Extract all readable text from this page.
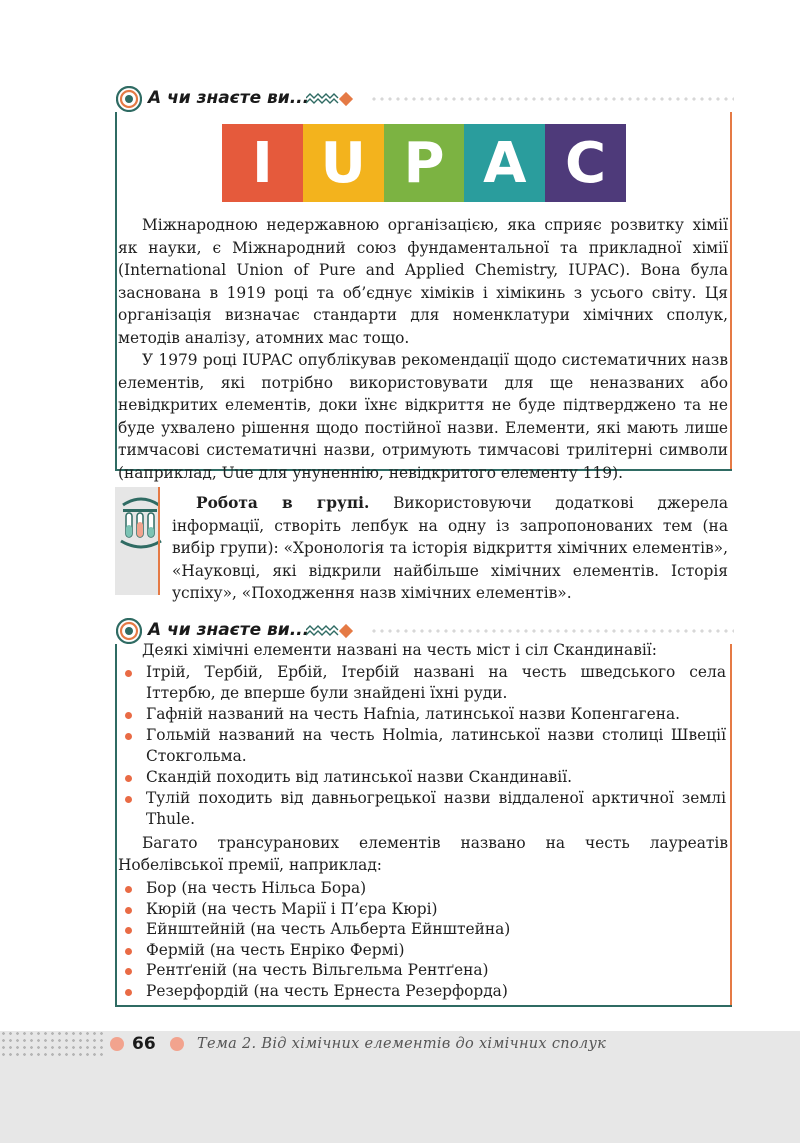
А чи знаєте ви...
I U P A C

Міжнародною недержавною організацією, яка сприяє розвитку хімії як науки, є Міжнародний союз фундаментальної та прикладної хімії (International Union of Pure and Applied Chemistry, IUPAC). Вона була заснована в 1919 році та об’єднує хіміків і хімікинь з усього світу. Ця організація визначає стандарти для номенклатури хімічних сполук, методів аналізу, атомних мас тощо.

У 1979 році IUPAC опублікував рекомендації щодо систематичних назв елементів, які потрібно використовувати для ще неназваних або невідкритих елементів, доки їхнє відкриття не буде підтверджено та не буде ухвалено рішення щодо постійної назви. Елементи, які мають лише тимчасові систематичні назви, отримують тимчасові трилітерні символи (наприклад, Uue для унуненнію, невідкритого елементу 119).

Робота в групі. Використовуючи додаткові джерела інформації, створіть лепбук на одну із запропонованих тем (на вибір групи): «Хронологія та історія відкриття хімічних елементів», «Науковці, які відкрили найбільше хімічних елементів. Історія успіху», «Походження назв хімічних елементів».

А чи знаєте ви...

Деякі хімічні елементи названі на честь міст і сіл Скандинавії:

Ітрій, Тербій, Ербій, Ітербій названі на честь шведського села Іттербю, де вперше були знайдені їхні руди.
Гафній названий на честь Hafnia, латинської назви Копенгагена.
Гольмій названий на честь Holmia, латинської назви столиці Швеції Стокгольма.
Скандій походить від латинської назви Скандинавії.
Тулій походить від давньогрецької назви віддаленої арктичної землі Thule.

Багато трансуранових елементів названо на честь лауреатів Нобелівської премії, наприклад:

Бор (на честь Нільса Бора)
Кюрій (на честь Марії і П’єра Кюрі)
Ейнштейній (на честь Альберта Ейнштейна)
Фермій (на честь Енріко Фермі)
Рентґеній (на честь Вільгельма Рентґена)
Резерфордій (на честь Ернеста Резерфорда)
66	Тема 2. Від хімічних елементів до хімічних сполук
